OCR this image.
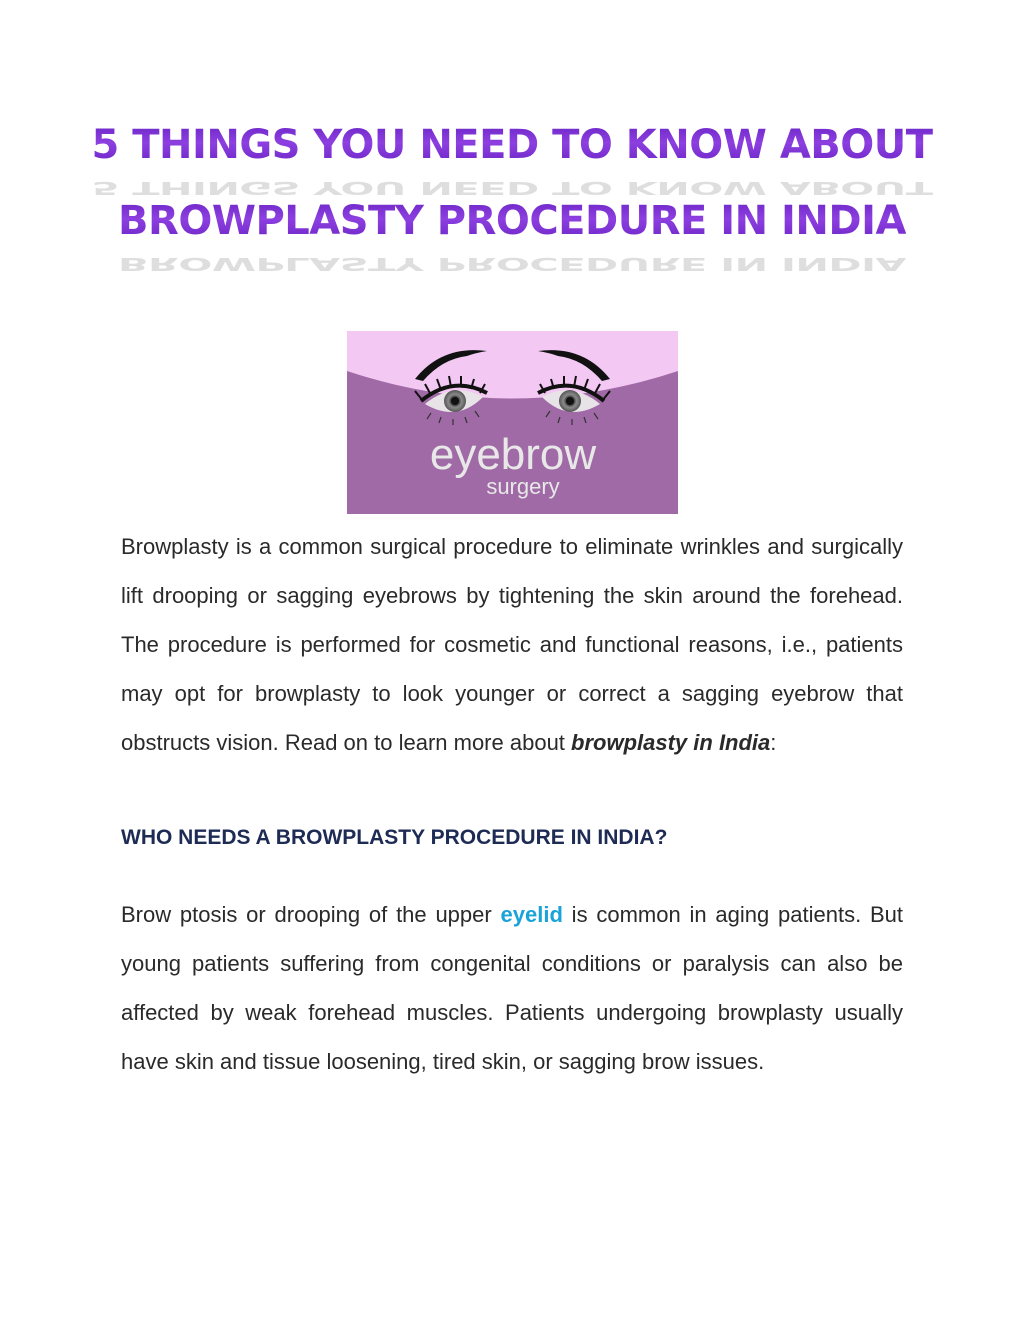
5 THINGS YOU NEED TO KNOW ABOUT
5 THINGS YOU NEED TO KNOW ABOUT
BROWPLASTY PROCEDURE IN INDIA
BROWPLASTY PROCEDURE IN INDIA
eyebrow
surgery
Browplasty is a common surgical procedure to eliminate wrinkles and surgically lift drooping or sagging eyebrows by tightening the skin around the forehead. The procedure is performed for cosmetic and functional reasons, i.e., patients may opt for browplasty to look younger or correct a sagging eyebrow that obstructs vision. Read on to learn more about browplasty in India:
WHO NEEDS A BROWPLASTY PROCEDURE IN INDIA?
Brow ptosis or drooping of the upper eyelid is common in aging patients. But young patients suffering from congenital conditions or paralysis can also be affected by weak forehead muscles. Patients undergoing browplasty usually have skin and tissue loosening, tired skin, or sagging brow issues.
